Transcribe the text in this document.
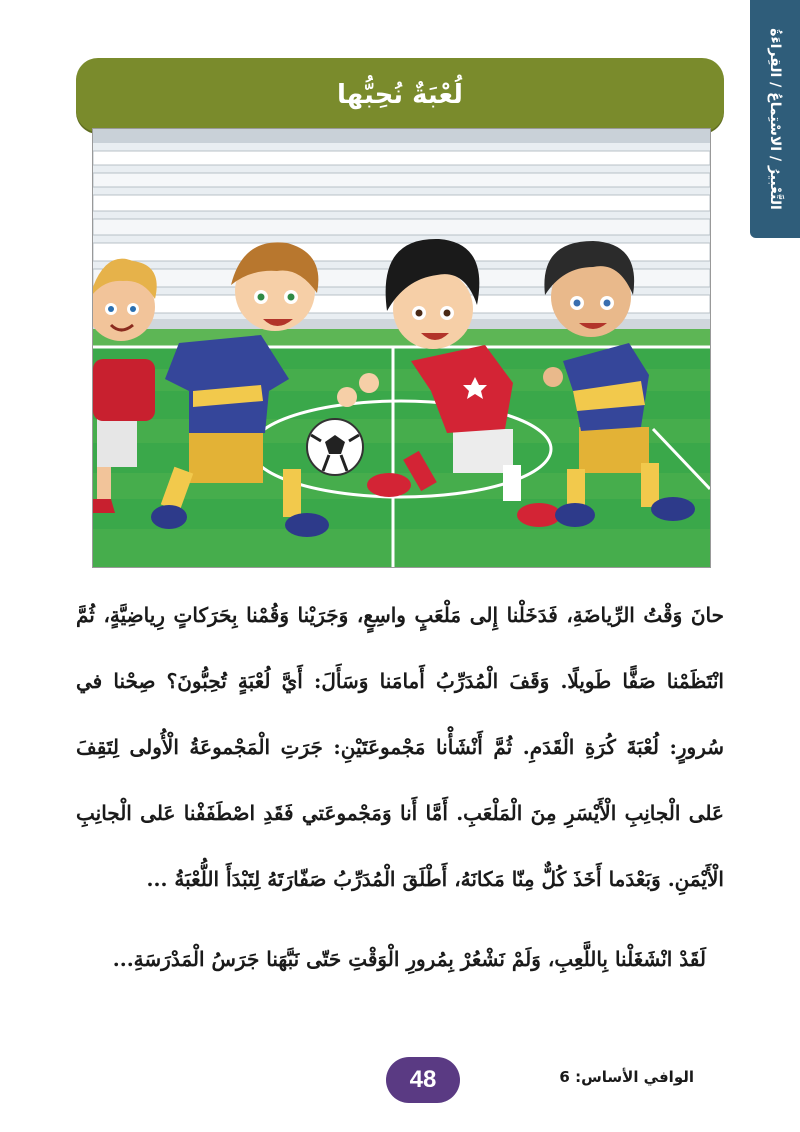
التَّعْبيرُ / الاسْتِماعُ / القِراءَةُ
لُعْبَةٌ نُحِبُّها

حانَ وَقْتُ الرِّياضَةِ، فَدَخَلْنا إِلى مَلْعَبٍ واسِعٍ، وَجَرَيْنا وَقُمْنا بِحَرَكاتٍ رِياضِيَّةٍ، ثُمَّ انْتَظَمْنا صَفًّا طَويلًا. وَقَفَ الْمُدَرِّبُ أَمامَنا وَسَأَلَ: أَيَّ لُعْبَةٍ تُحِبُّونَ؟ صِحْنا في سُرورٍ: لُعْبَةَ كُرَةِ الْقَدَمِ. ثُمَّ أَنْشَأْنا مَجْموعَتَيْنِ: جَرَتِ الْمَجْموعَةُ الْأُولى لِتَقِفَ عَلى الْجانِبِ الْأَيْسَرِ مِنَ الْمَلْعَبِ. أَمَّا أَنا وَمَجْموعَتي فَقَدِ اصْطَفَفْنا عَلى الْجانِبِ الْأَيْمَنِ. وَبَعْدَما أَخَذَ كُلٌّ مِنّا مَكانَهُ، أَطْلَقَ الْمُدَرِّبُ صَفّارَتَهُ لِتَبْدَأَ اللُّعْبَةُ ...

لَقَدْ انْشَغَلْنا بِاللَّعِبِ، وَلَمْ نَشْعُرْ بِمُرورِ الْوَقْتِ حَتّى نَبَّهَنا جَرَسُ الْمَدْرَسَةِ...

48	الوافي الأساس: 6
